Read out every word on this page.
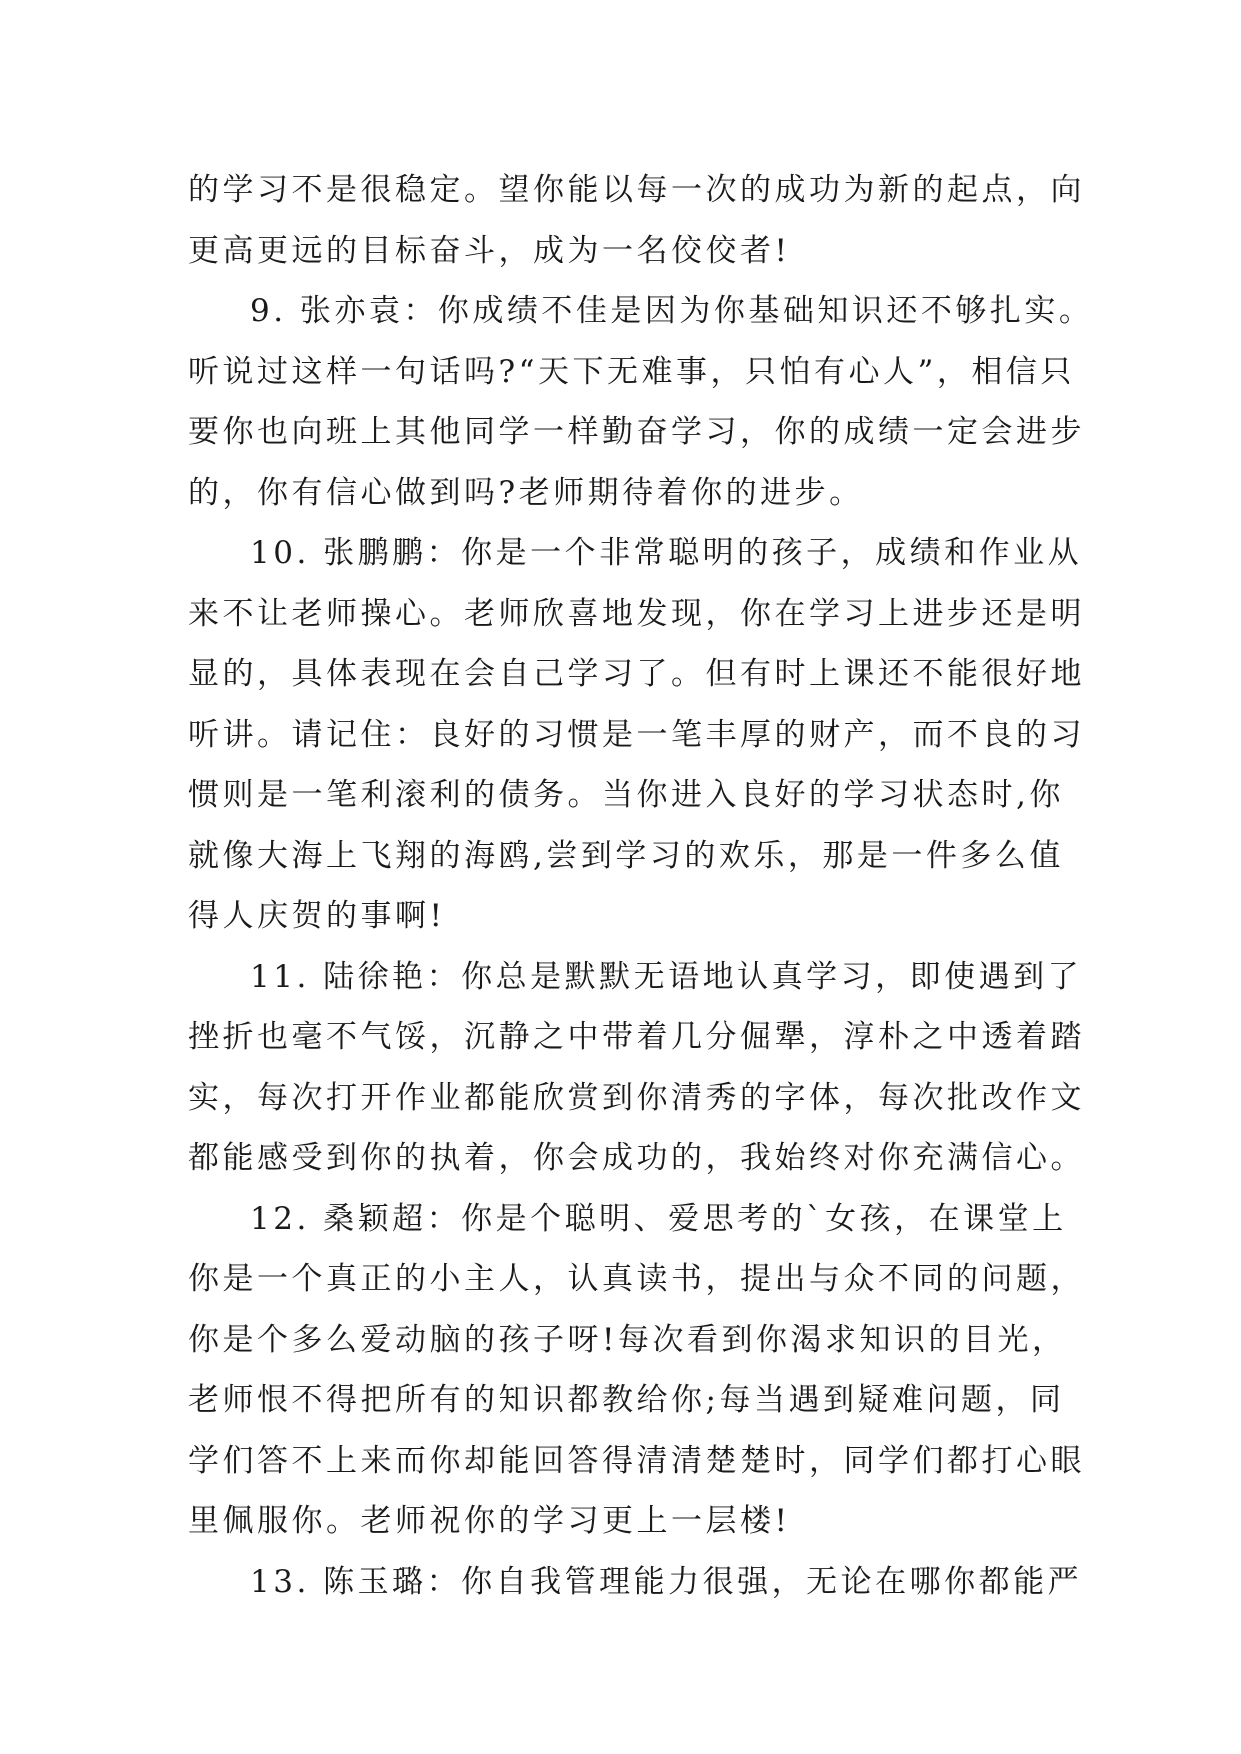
的学习不是很稳定。望你能以每一次的成功为新的起点，向
更高更远的目标奋斗，成为一名佼佼者!
9. 张亦袁：你成绩不佳是因为你基础知识还不够扎实。
听说过这样一句话吗?“天下无难事，只怕有心人”，相信只
要你也向班上其他同学一样勤奋学习，你的成绩一定会进步
的，你有信心做到吗?老师期待着你的进步。
10. 张鹏鹏：你是一个非常聪明的孩子，成绩和作业从
来不让老师操心。老师欣喜地发现，你在学习上进步还是明
显的，具体表现在会自己学习了。但有时上课还不能很好地
听讲。请记住：良好的习惯是一笔丰厚的财产，而不良的习
惯则是一笔利滚利的债务。当你进入良好的学习状态时,你
就像大海上飞翔的海鸥,尝到学习的欢乐，那是一件多么值
得人庆贺的事啊!
11. 陆徐艳：你总是默默无语地认真学习，即使遇到了
挫折也毫不气馁，沉静之中带着几分倔犟，淳朴之中透着踏
实，每次打开作业都能欣赏到你清秀的字体，每次批改作文
都能感受到你的执着，你会成功的，我始终对你充满信心。
12. 桑颖超：你是个聪明、爱思考的`女孩，在课堂上
你是一个真正的小主人，认真读书，提出与众不同的问题，
你是个多么爱动脑的孩子呀!每次看到你渴求知识的目光，
老师恨不得把所有的知识都教给你;每当遇到疑难问题，同
学们答不上来而你却能回答得清清楚楚时，同学们都打心眼
里佩服你。老师祝你的学习更上一层楼!
13. 陈玉璐：你自我管理能力很强，无论在哪你都能严
